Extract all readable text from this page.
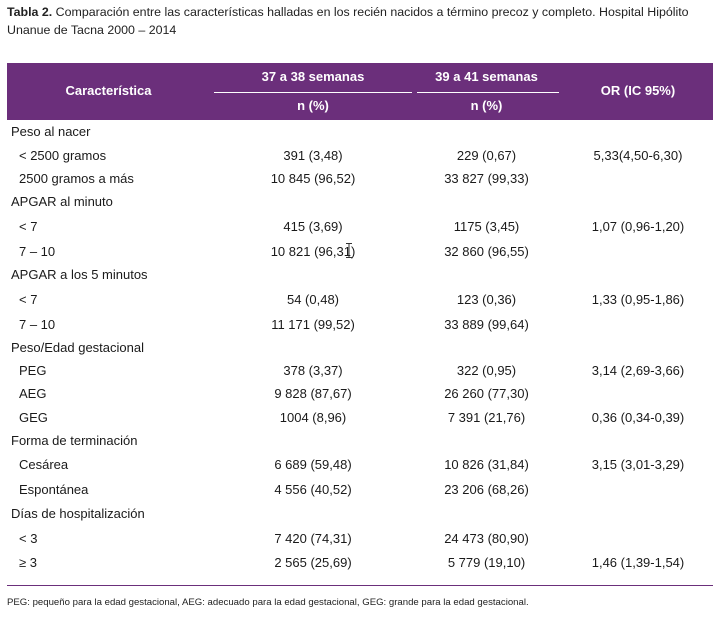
Tabla 2. Comparación entre las características halladas en los recién nacidos a término precoz y completo. Hospital Hipólito Unanue de Tacna 2000 – 2014
Característica
37 a 38 semanas	39 a 41 semanas
n (%)	n (%)
OR (IC 95%)
Peso al nacer
< 2500 gramos	391 (3,48)	229 (0,67)	5,33(4,50-6,30)
2500 gramos a más	10 845 (96,52)	33 827 (99,33)
APGAR al minuto
< 7	415 (3,69)	1175 (3,45)	1,07 (0,96-1,20)
7 – 10	10 821 (96,31)	32 860 (96,55)
APGAR a los 5 minutos
< 7	54 (0,48)	123 (0,36)	1,33 (0,95-1,86)
7 – 10	11 171 (99,52)	33 889 (99,64)
Peso/Edad gestacional
PEG	378 (3,37)	322 (0,95)	3,14 (2,69-3,66)
AEG	9 828 (87,67)	26 260 (77,30)
GEG	1004 (8,96)	7 391 (21,76)	0,36 (0,34-0,39)
Forma de terminación
Cesárea	6 689 (59,48)	10 826 (31,84)	3,15 (3,01-3,29)
Espontánea	4 556 (40,52)	23 206 (68,26)
Días de hospitalización
< 3	7 420 (74,31)	24 473 (80,90)
≥ 3	2 565 (25,69)	5 779 (19,10)	1,46 (1,39-1,54)
PEG: pequeño para la edad gestacional, AEG: adecuado para la edad gestacional, GEG: grande para la edad gestacional.
